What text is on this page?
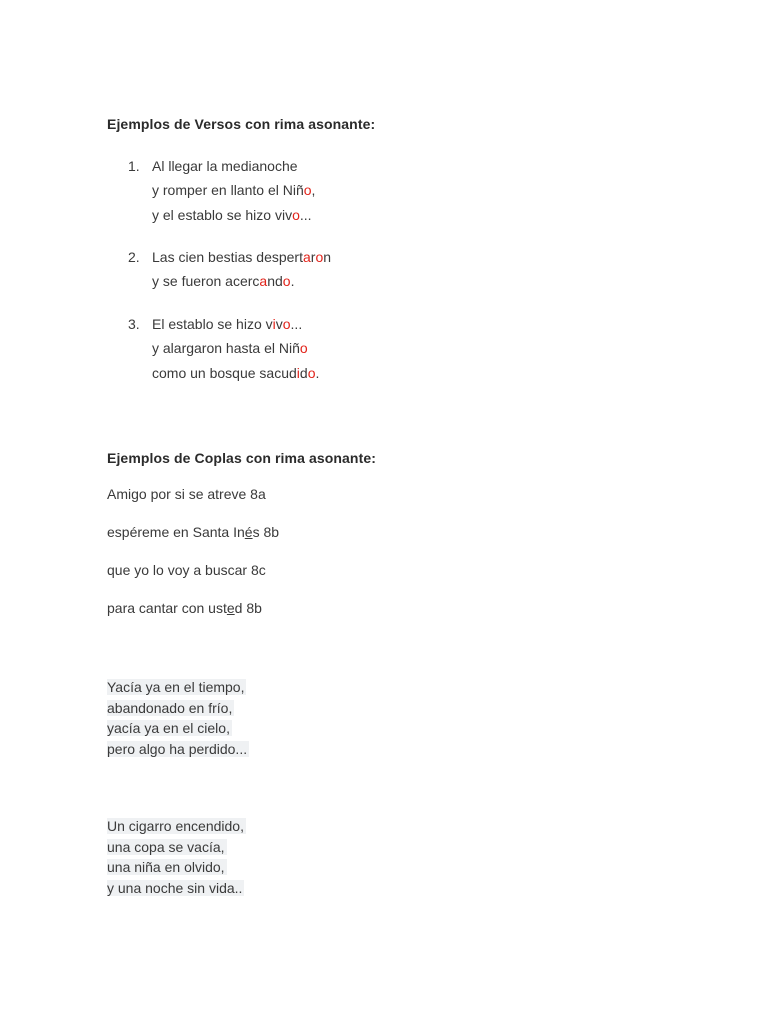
Ejemplos de Versos con rima asonante:
1. Al llegar la medianoche
y romper en llanto el Niño,
y el establo se hizo vivo...
2. Las cien bestias despertaron
y se fueron acercando.
3. El establo se hizo vivo...
y alargaron hasta el Niño
como un bosque sacudido.
Ejemplos de Coplas con rima asonante:
Amigo por si se atreve 8a
espéreme en Santa Inés 8b
que yo lo voy a buscar 8c
para cantar con usted 8b
Yacía ya en el tiempo,
abandonado en frío,
yacía ya en el cielo,
pero algo ha perdido...
Un cigarro encendido,
una copa se vacía,
una niña en olvido,
y una noche sin vida..
